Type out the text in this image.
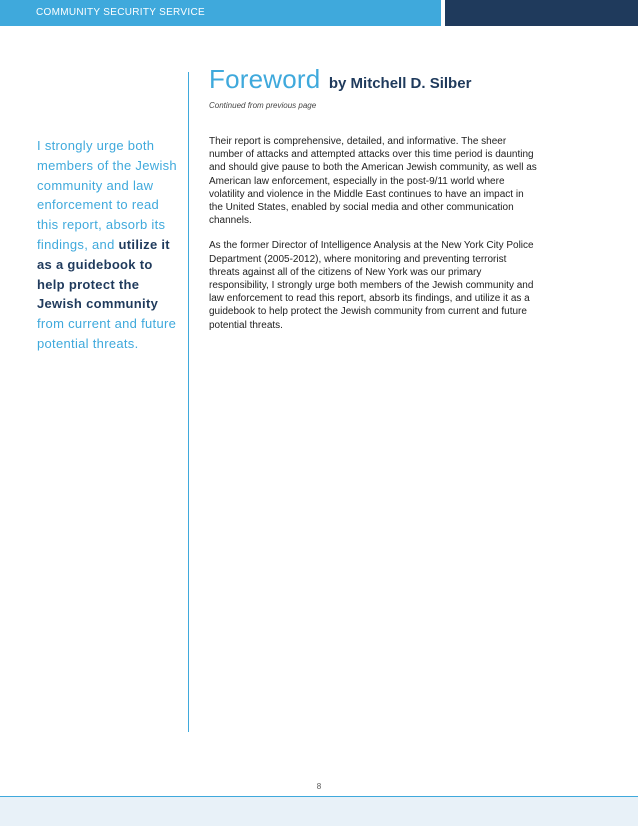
COMMUNITY SECURITY SERVICE
Foreword by Mitchell D. Silber
Continued from previous page
I strongly urge both members of the Jewish community and law enforcement to read this report, absorb its findings, and utilize it as a guidebook to help protect the Jewish community from current and future potential threats.

Their report is comprehensive, detailed, and informative. The sheer number of attacks and attempted attacks over this time period is daunting and should give pause to both the American Jewish community, as well as American law enforcement, especially in the post-9/11 world where volatility and violence in the Middle East continues to have an impact in the United States, enabled by social media and other communication channels.

As the former Director of Intelligence Analysis at the New York City Police Department (2005-2012), where monitoring and preventing terrorist threats against all of the citizens of New York was our primary responsibility, I strongly urge both members of the Jewish community and law enforcement to read this report, absorb its findings, and utilize it as a guidebook to help protect the Jewish community from current and future potential threats.

8
